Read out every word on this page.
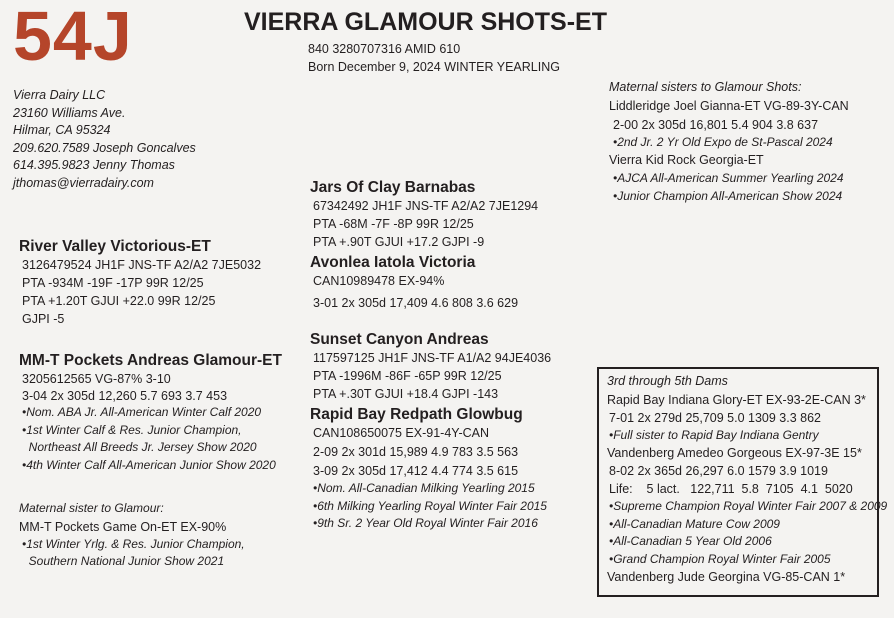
54J	VIERRA GLAMOUR SHOTS-ET
840 3280707316 AMID 610
Born December 9, 2024 WINTER YEARLING
Vierra Dairy LLC
23160 Williams Ave.
Hilmar, CA 95324
209.620.7589 Joseph Goncalves
614.395.9823 Jenny Thomas
jthomas@vierradairy.com
River Valley Victorious-ET
3126479524 JH1F JNS-TF A2/A2 7JE5032
PTA -934M -19F -17P 99R 12/25
PTA +1.20T GJUI +22.0 99R 12/25
GJPI -5
MM-T Pockets Andreas Glamour-ET
3205612565 VG-87% 3-10
3-04 2x 305d 12,260 5.7 693 3.7 453
•Nom. ABA Jr. All-American Winter Calf 2020
•1st Winter Calf & Res. Junior Champion,
Northeast All Breeds Jr. Jersey Show 2020
•4th Winter Calf All-American Junior Show 2020
Maternal sister to Glamour:
MM-T Pockets Game On-ET EX-90%
•1st Winter Yrlg. & Res. Junior Champion,
Southern National Junior Show 2021
Jars Of Clay Barnabas
67342492 JH1F JNS-TF A2/A2 7JE1294
PTA -68M -7F -8P 99R 12/25
PTA +.90T GJUI +17.2 GJPI -9
Avonlea Iatola Victoria
CAN10989478 EX-94%
3-01 2x 305d 17,409 4.6 808 3.6 629
Sunset Canyon Andreas
117597125 JH1F JNS-TF A1/A2 94JE4036
PTA -1996M -86F -65P 99R 12/25
PTA +.30T GJUI +18.4 GJPI -143
Rapid Bay Redpath Glowbug
CAN108650075 EX-91-4Y-CAN
2-09 2x 301d 15,989 4.9 783 3.5 563
3-09 2x 305d 17,412 4.4 774 3.5 615
•Nom. All-Canadian Milking Yearling 2015
•6th Milking Yearling Royal Winter Fair 2015
•9th Sr. 2 Year Old Royal Winter Fair 2016
Maternal sisters to Glamour Shots:
Liddleridge Joel Gianna-ET VG-89-3Y-CAN
2-00 2x 305d 16,801 5.4 904 3.8 637
•2nd Jr. 2 Yr Old Expo de St-Pascal 2024
Vierra Kid Rock Georgia-ET
•AJCA All-American Summer Yearling 2024
•Junior Champion All-American Show 2024
3rd through 5th Dams
Rapid Bay Indiana Glory-ET EX-93-2E-CAN 3*
7-01 2x 279d 25,709 5.0 1309 3.3 862
•Full sister to Rapid Bay Indiana Gentry
Vandenberg Amedeo Gorgeous EX-97-3E 15*
8-02 2x 365d 26,297 6.0 1579 3.9 1019
Life:    5 lact.   122,711  5.8  7105  4.1  5020
•Supreme Champion Royal Winter Fair 2007 & 2009
•All-Canadian Mature Cow 2009
•All-Canadian 5 Year Old 2006
•Grand Champion Royal Winter Fair 2005
Vandenberg Jude Georgina VG-85-CAN 1*
